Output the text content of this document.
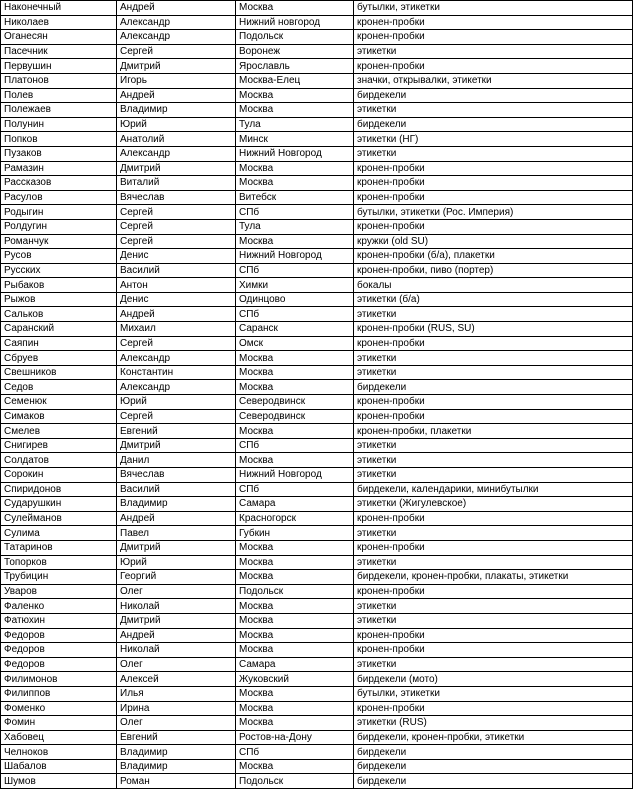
Наконечный	Андрей	Москва	бутылки, этикетки
Николаев	Александр	Нижний новгород	кронен-пробки
Оганесян	Александр	Подольск	кронен-пробки
Пасечник	Сергей	Воронеж	этикетки
Первушин	Дмитрий	Ярославль	кронен-пробки
Платонов	Игорь	Москва-Елец	значки, открывалки, этикетки
Полев	Андрей	Москва	бирдекели
Полежаев	Владимир	Москва	этикетки
Полунин	Юрий	Тула	бирдекели
Попков	Анатолий	Минск	этикетки (НГ)
Пузаков	Александр	Нижний Новгород	этикетки
Рамазин	Дмитрий	Москва	кронен-пробки
Рассказов	Виталий	Москва	кронен-пробки
Расулов	Вячеслав	Витебск	кронен-пробки
Родыгин	Сергей	СПб	бутылки, этикетки (Рос. Империя)
Ролдугин	Сергей	Тула	кронен-пробки
Романчук	Сергей	Москва	кружки (old SU)
Русов	Денис	Нижний Новгород	кронен-пробки (б/а), плакетки
Русских	Василий	СПб	кронен-пробки, пиво (портер)
Рыбаков	Антон	Химки	бокалы
Рыжов	Денис	Одинцово	этикетки (б/а)
Сальков	Андрей	СПб	этикетки
Саранский	Михаил	Саранск	кронен-пробки (RUS, SU)
Саяпин	Сергей	Омск	кронен-пробки
Сбруев	Александр	Москва	этикетки
Свешников	Константин	Москва	этикетки
Седов	Александр	Москва	бирдекели
Семенюк	Юрий	Северодвинск	кронен-пробки
Симаков	Сергей	Северодвинск	кронен-пробки
Смелев	Евгений	Москва	кронен-пробки, плакетки
Снигирев	Дмитрий	СПб	этикетки
Солдатов	Данил	Москва	этикетки
Сорокин	Вячеслав	Нижний Новгород	этикетки
Спиридонов	Василий	СПб	бирдекели, календарики, минибутылки
Сударушкин	Владимир	Самара	этикетки (Жигулевское)
Сулейманов	Андрей	Красногорск	кронен-пробки
Сулима	Павел	Губкин	этикетки
Татаринов	Дмитрий	Москва	кронен-пробки
Топорков	Юрий	Москва	этикетки
Трубицин	Георгий	Москва	бирдекели, кронен-пробки, плакаты, этикетки
Уваров	Олег	Подольск	кронен-пробки
Фаленко	Николай	Москва	этикетки
Фатюхин	Дмитрий	Москва	этикетки
Федоров	Андрей	Москва	кронен-пробки
Федоров	Николай	Москва	кронен-пробки
Федоров	Олег	Самара	этикетки
Филимонов	Алексей	Жуковский	бирдекели (мото)
Филиппов	Илья	Москва	бутылки, этикетки
Фоменко	Ирина	Москва	кронен-пробки
Фомин	Олег	Москва	этикетки (RUS)
Хабовец	Евгений	Ростов-на-Дону	бирдекели, кронен-пробки, этикетки
Челноков	Владимир	СПб	бирдекели
Шабалов	Владимир	Москва	бирдекели
Шумов	Роман	Подольск	бирдекели
